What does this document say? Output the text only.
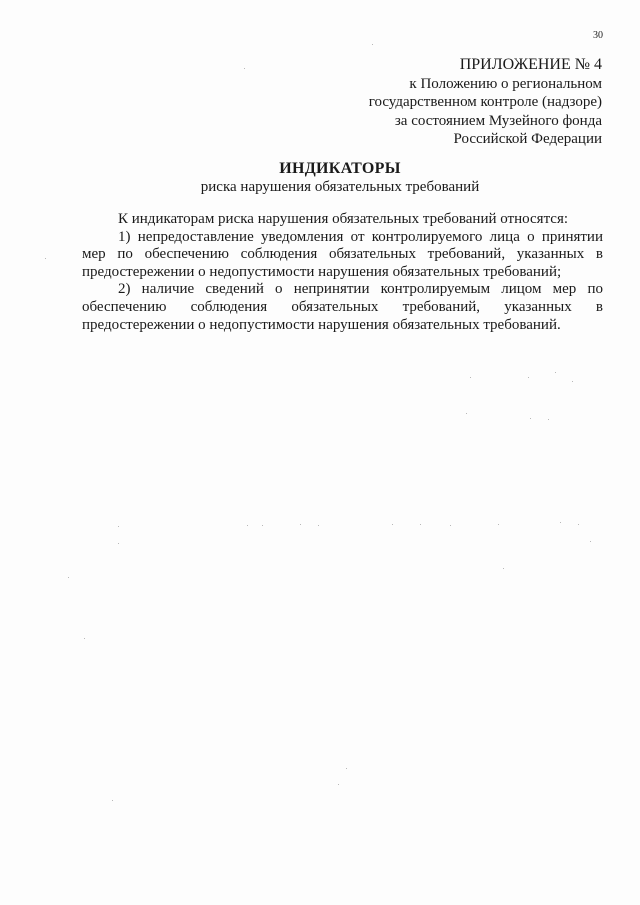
30
ПРИЛОЖЕНИЕ № 4
к Положению о региональном
государственном контроле (надзоре)
за состоянием Музейного фонда
Российской Федерации
ИНДИКАТОРЫ
риска нарушения обязательных требований

К индикаторам риска нарушения обязательных требований относятся:

1) непредоставление уведомления от контролируемого лица о принятии мер по обеспечению соблюдения обязательных требований, указанных в предостережении о недопустимости нарушения обязательных требований;

2) наличие сведений о непринятии контролируемым лицом мер по обеспечению соблюдения обязательных требований, указанных в предостережении о недопустимости нарушения обязательных требований.
